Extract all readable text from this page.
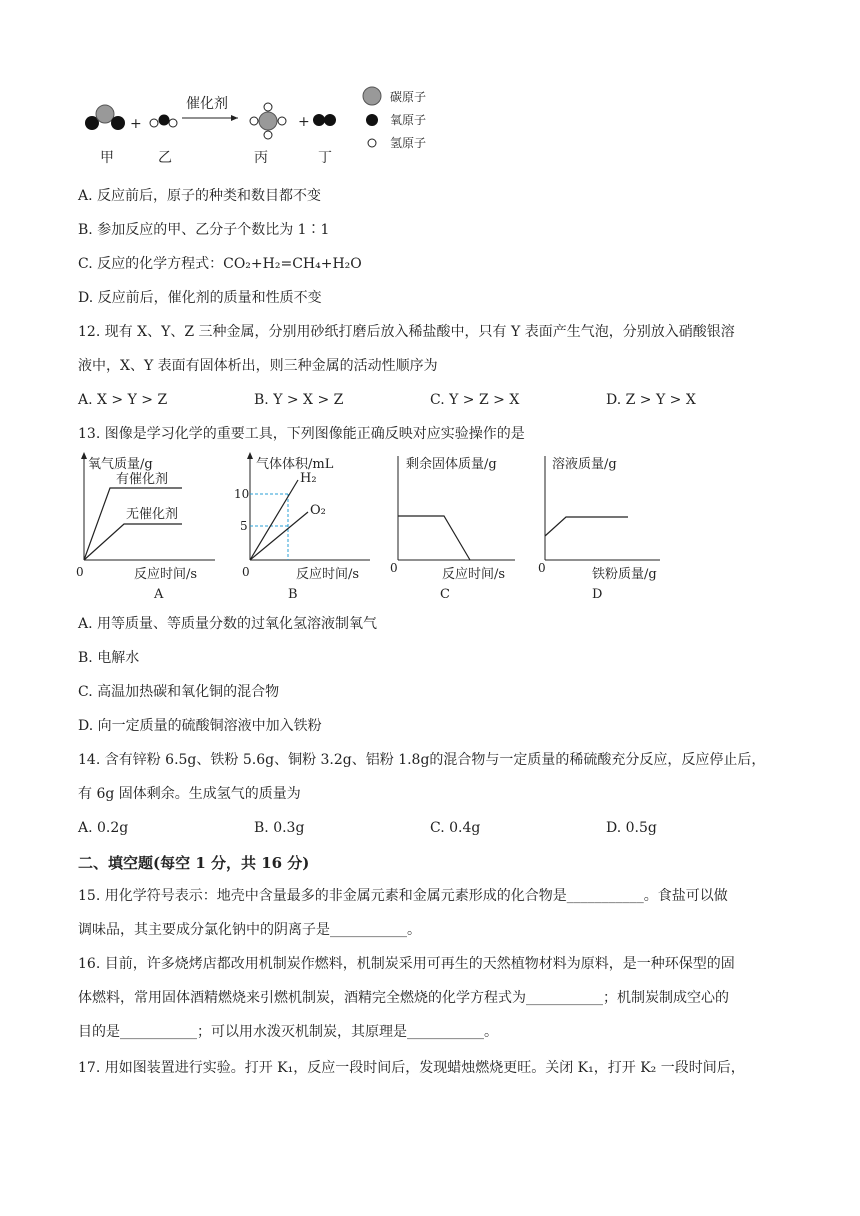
+
催化剂
+
甲	乙	丙	丁
碳原子
氧原子
氢原子
A. 反应前后，原子的种类和数目都不变
B. 参加反应的甲、乙分子个数比为 1∶1
C. 反应的化学方程式：CO₂+H₂=CH₄+H₂O
D. 反应前后，催化剂的质量和性质不变
12. 现有 X、Y、Z 三种金属，分别用砂纸打磨后放入稀盐酸中，只有 Y 表面产生气泡，分别放入硝酸银溶
液中，X、Y 表面有固体析出，则三种金属的活动性顺序为
A. X > Y > Z	B. Y > X > Z	C. Y > Z > X	D. Z > Y > X
13. 图像是学习化学的重要工具，下列图像能正确反映对应实验操作的是
氧气质量/g
有催化剂
无催化剂
0	反应时间/s
A
气体体积/mL
10
5
H₂
O₂
0	反应时间/s
B
剩余固体质量/g
0	反应时间/s
C
溶液质量/g
0	铁粉质量/g
D
A. 用等质量、等质量分数的过氧化氢溶液制氧气
B. 电解水
C. 高温加热碳和氧化铜的混合物
D. 向一定质量的硫酸铜溶液中加入铁粉
14. 含有锌粉 6.5g、铁粉 5.6g、铜粉 3.2g、铝粉 1.8g的混合物与一定质量的稀硫酸充分反应，反应停止后，
有 6g 固体剩余。生成氢气的质量为
A. 0.2g	B. 0.3g	C. 0.4g	D. 0.5g
二、填空题(每空 1 分，共 16 分)
15. 用化学符号表示：地壳中含量最多的非金属元素和金属元素形成的化合物是___________。食盐可以做
调味品，其主要成分氯化钠中的阴离子是___________。
16. 目前，许多烧烤店都改用机制炭作燃料，机制炭采用可再生的天然植物材料为原料，是一种环保型的固
体燃料，常用固体酒精燃烧来引燃机制炭，酒精完全燃烧的化学方程式为___________；机制炭制成空心的
目的是___________；可以用水泼灭机制炭，其原理是___________。
17. 用如图装置进行实验。打开 K₁，反应一段时间后，发现蜡烛燃烧更旺。关闭 K₁，打开 K₂ 一段时间后，
